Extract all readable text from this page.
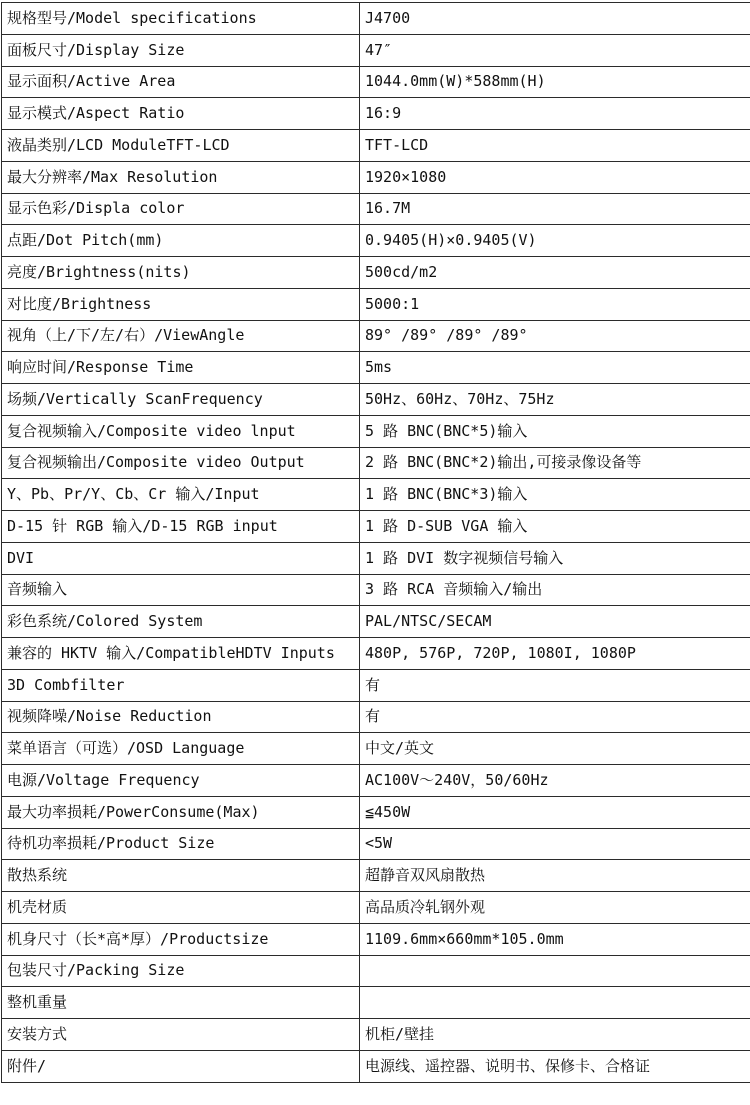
规格型号/Model specifications	J4700
面板尺寸/Display Size	47″
显示面积/Active Area	1044.0mm(W)*588mm(H)
显示模式/Aspect Ratio	16:9
液晶类别/LCD ModuleTFT-LCD	TFT-LCD
最大分辨率/Max Resolution	1920×1080
显示色彩/Displa color	16.7M
点距/Dot Pitch(mm)	0.9405(H)×0.9405(V)
亮度/Brightness(nits)	500cd/m2
对比度/Brightness	5000:1
视角（上/下/左/右）/ViewAngle	89° /89° /89° /89°
响应时间/Response Time	5ms
场频/Vertically ScanFrequency	50Hz、60Hz、70Hz、75Hz
复合视频输入/Composite video lnput	5 路 BNC(BNC*5)输入
复合视频输出/Composite video Output	2 路 BNC(BNC*2)输出,可接录像设备等
Y、Pb、Pr/Y、Cb、Cr 输入/Input	1 路 BNC(BNC*3)输入
D-15 针 RGB 输入/D-15 RGB input	1 路 D-SUB VGA 输入
DVI	1 路 DVI 数字视频信号输入
音频输入	3 路 RCA 音频输入/输出
彩色系统/Colored System	PAL/NTSC/SECAM
兼容的 HKTV 输入/CompatibleHDTV Inputs	480P, 576P, 720P, 1080I, 1080P
3D Combfilter	有
视频降噪/Noise Reduction	有
菜单语言（可选）/OSD Language	中文/英文
电源/Voltage Frequency	AC100V～240V，50/60Hz
最大功率损耗/PowerConsume(Max)	≦450W
待机功率损耗/Product Size	<5W
散热系统	超静音双风扇散热
机壳材质	高品质冷轧钢外观
机身尺寸（长*高*厚）/Productsize	1109.6mm×660mm*105.0mm
包装尺寸/Packing Size	
整机重量	
安装方式	机柜/壁挂
附件/	电源线、遥控器、说明书、保修卡、合格证
